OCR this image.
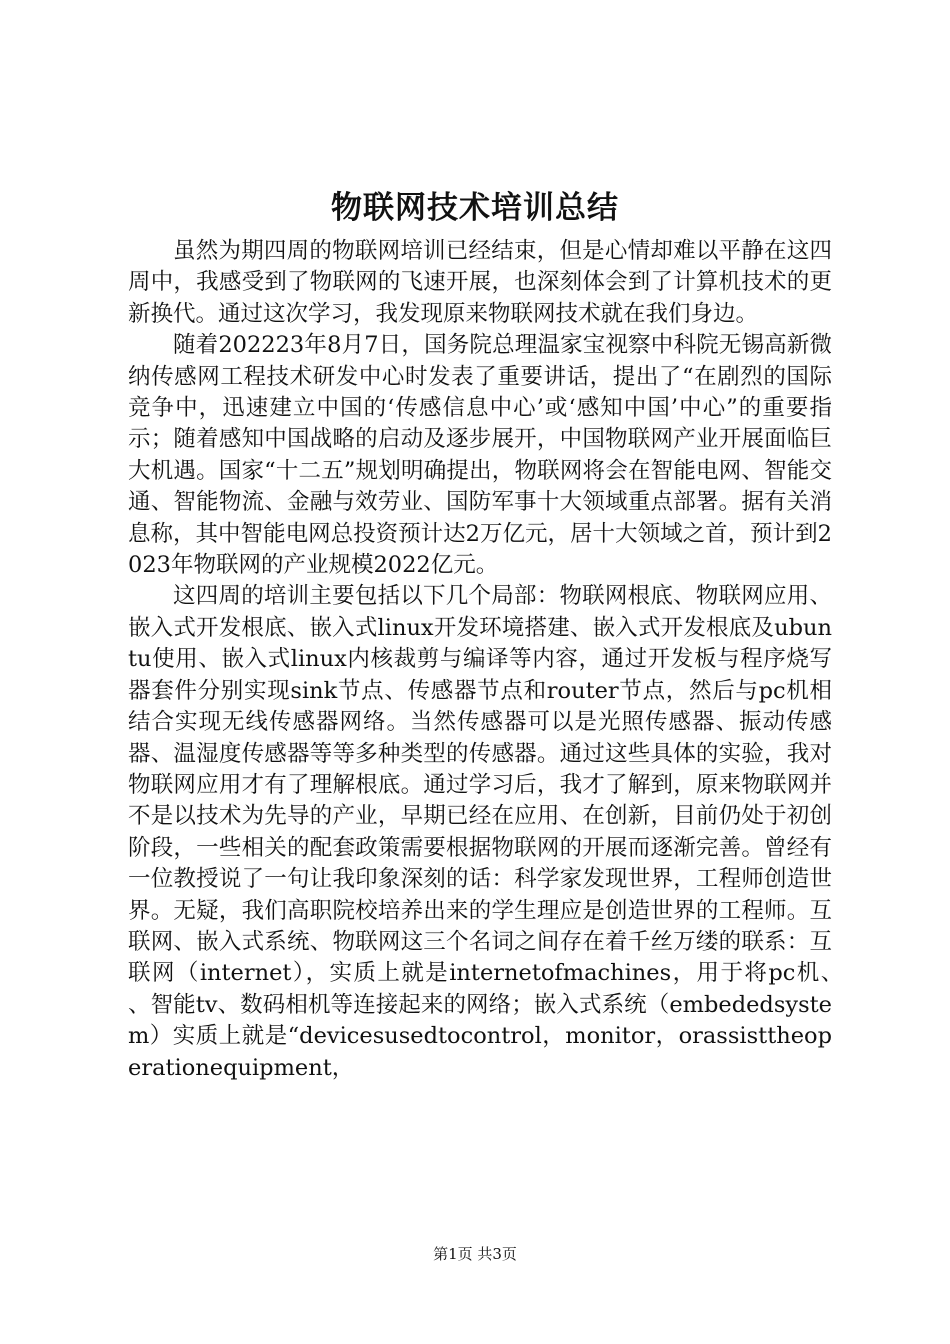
物联网技术培训总结

虽然为期四周的物联网培训已经结束，但是心情却难以平静在这四周中，我感受到了物联网的飞速开展，也深刻体会到了计算机技术的更新换代。通过这次学习，我发现原来物联网技术就在我们身边。

随着202223年8月7日，国务院总理温家宝视察中科院无锡高新微纳传感网工程技术研发中心时发表了重要讲话，提出了“在剧烈的国际竞争中，迅速建立中国的‘传感信息中心’或‘感知中国’中心”的重要指示；随着感知中国战略的启动及逐步展开，中国物联网产业开展面临巨大机遇。国家“十二五”规划明确提出，物联网将会在智能电网、智能交通、智能物流、金融与效劳业、国防军事十大领域重点部署。据有关消息称，其中智能电网总投资预计达2万亿元，居十大领域之首，预计到2023年物联网的产业规模2022亿元。

这四周的培训主要包括以下几个局部：物联网根底、物联网应用、嵌入式开发根底、嵌入式linux开发环境搭建、嵌入式开发根底及ubuntu使用、嵌入式linux内核裁剪与编译等内容，通过开发板与程序烧写器套件分别实现sink节点、传感器节点和router节点，然后与pc机相结合实现无线传感器网络。当然传感器可以是光照传感器、振动传感器、温湿度传感器等等多种类型的传感器。通过这些具体的实验，我对物联网应用才有了理解根底。通过学习后，我才了解到，原来物联网并不是以技术为先导的产业，早期已经在应用、在创新，目前仍处于初创阶段，一些相关的配套政策需要根据物联网的开展而逐渐完善。曾经有一位教授说了一句让我印象深刻的话：科学家发现世界，工程师创造世界。无疑，我们高职院校培养出来的学生理应是创造世界的工程师。互联网、嵌入式系统、物联网这三个名词之间存在着千丝万缕的联系：互联网（internet），实质上就是internetofmachines，用于将pc机、　　、智能tv、数码相机等连接起来的网络；嵌入式系统（embededsystem）实质上就是“devicesusedtocontrol，monitor，orassisttheoperationequipment，

第1页 共3页
